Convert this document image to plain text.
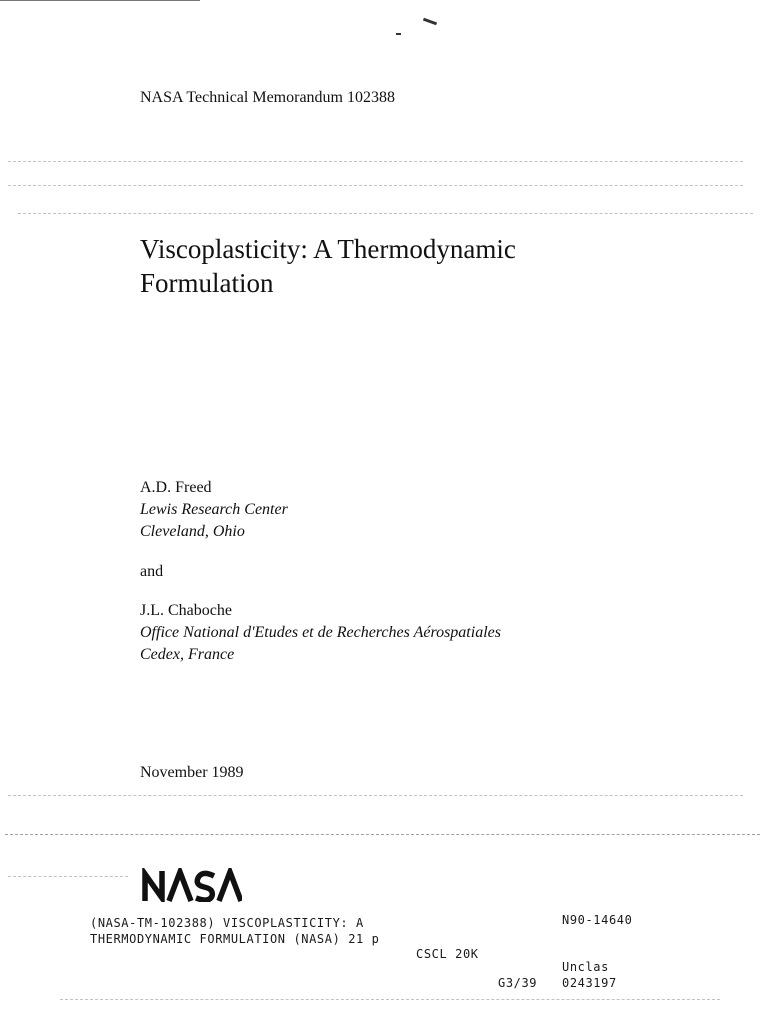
NASA Technical Memorandum 102388
Viscoplasticity: A Thermodynamic
Formulation
A.D. Freed
Lewis Research Center
Cleveland, Ohio
and
J.L. Chaboche
Office National d'Etudes et de Recherches Aérospatiales
Cedex, France
November 1989
(NASA-TM-102388) VISCOPLASTICITY: A
THERMODYNAMIC FORMULATION (NASA) 21 p
CSCL 20K
N90-14640
Unclas
G3/39 0243197
